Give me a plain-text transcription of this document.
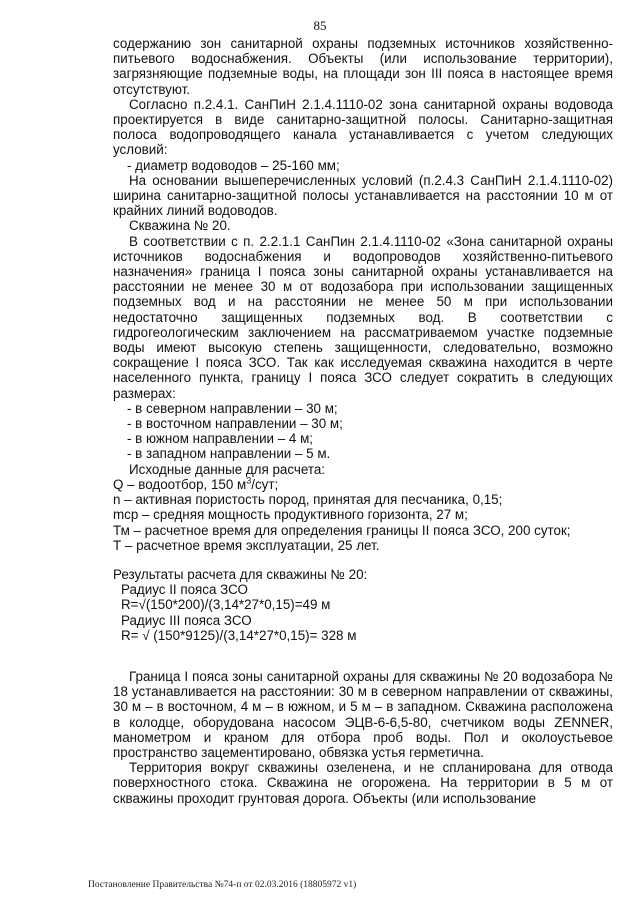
85

содержанию зон санитарной охраны подземных источников хозяйственно-питьевого водоснабжения. Объекты (или использование территории), загрязняющие подземные воды, на площади зон III пояса в настоящее время отсутствуют.

Согласно п.2.4.1. СанПиН 2.1.4.1110-02 зона санитарной охраны водовода проектируется в виде санитарно-защитной полосы. Санитарно-защитная полоса водопроводящего канала устанавливается с учетом следующих условий:

- диаметр водоводов – 25-160 мм;

На основании вышеперечисленных условий (п.2.4.3 СанПиН 2.1.4.1110-02) ширина санитарно-защитной полосы устанавливается на расстоянии 10 м от крайних линий водоводов.

Скважина № 20.

В соответствии с п. 2.2.1.1 СанПин 2.1.4.1110-02 «Зона санитарной охраны источников водоснабжения и водопроводов хозяйственно-питьевого назначения» граница I пояса зоны санитарной охраны устанавливается на расстоянии не менее 30 м от водозабора при использовании защищенных подземных вод и на расстоянии не менее 50 м при использовании недостаточно защищенных подземных вод. В соответствии с гидрогеологическим заключением на рассматриваемом участке подземные воды имеют высокую степень защищенности, следовательно, возможно сокращение I пояса ЗСО. Так как исследуемая скважина находится в черте населенного пункта, границу I пояса ЗСО следует сократить в следующих размерах:

- в северном направлении – 30 м;

- в восточном направлении – 30 м;

- в южном направлении – 4 м;

- в западном направлении – 5 м.

Исходные данные для расчета:

Q – водоотбор, 150 $м^3$/сут;

n – активная пористость пород, принятая для песчаника, 0,15;

mср – средняя мощность продуктивного горизонта, 27 м;

Тм – расчетное время для определения границы II пояса ЗСО, 200 суток;

Т – расчетное время эксплуатации, 25 лет.

Результаты расчета для скважины № 20:

Радиус II пояса ЗСО

R=√(150*200)/(3,14*27*0,15)=49 м

Радиус III пояса ЗСО

R= √ (150*9125)/(3,14*27*0,15)= 328 м

Граница I пояса зоны санитарной охраны для скважины № 20 водозабора № 18 устанавливается на расстоянии: 30 м в северном направлении от скважины, 30 м – в восточном, 4 м – в южном, и 5 м – в западном. Скважина расположена в колодце, оборудована насосом ЭЦВ-6-6,5-80, счетчиком воды ZENNER, манометром и краном для отбора проб воды. Пол и околоустьевое пространство зацементировано, обвязка устья герметична.

Территория вокруг скважины озеленена, и не спланирована для отвода поверхностного стока. Скважина не огорожена. На территории в 5 м от скважины проходит грунтовая дорога. Объекты (или использование

Постановление Правительства №74-п от 02.03.2016 (18805972 v1)
